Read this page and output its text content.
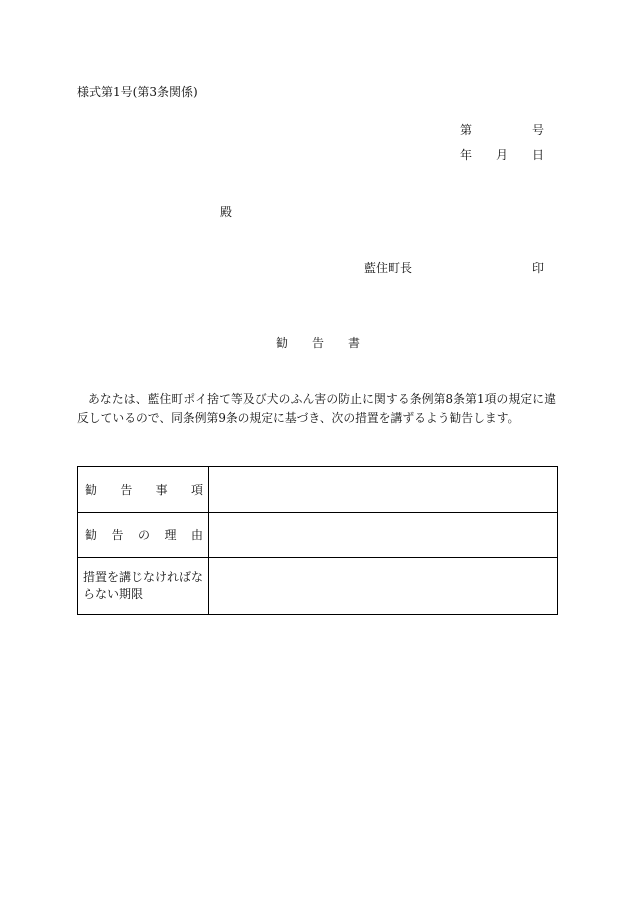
様式第1号(第3条関係)
第　　　　　号
年　　月　　日
殿
藍住町長	印
勧　　告　　書
あなたは、藍住町ポイ捨て等及び犬のふん害の防止に関する条例第8条第1項の規定に違
反しているので、同条例第9条の規定に基づき、次の措置を講ずるよう勧告します。
勧告事項	

勧告の理由	

措置を講じなければならない期限	
